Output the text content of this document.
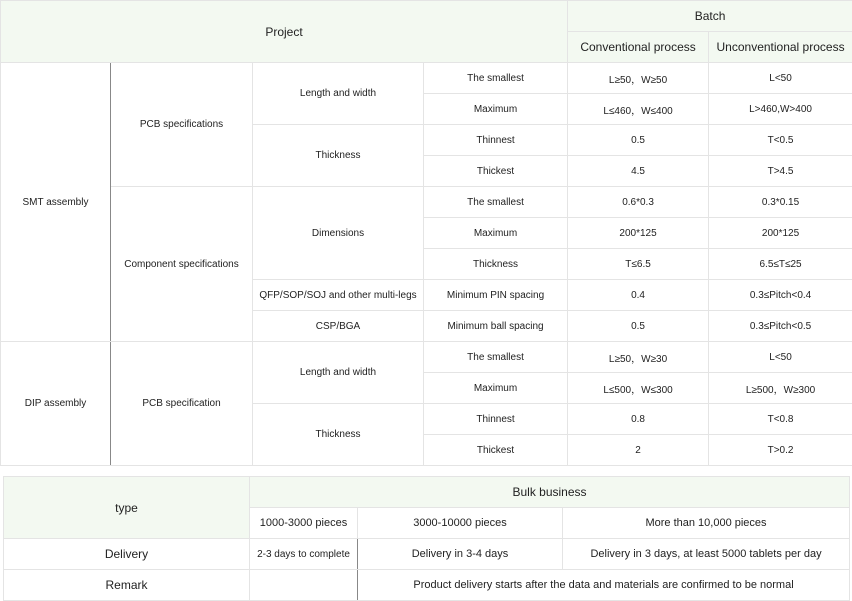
Project				Batch	
				Conventional process	Unconventional process
SMT assembly	PCB specifications	Length and width	The smallest	L≥50，W≥50	L<50
			Maximum	L≤460，W≤400	L>460,W>400
		Thickness	Thinnest	0.5	T<0.5
			Thickest	4.5	T>4.5
	Component specifications	Dimensions	The smallest	0.6*0.3	0.3*0.15
			Maximum	200*125	200*125
			Thickness	T≤6.5	6.5≤T≤25
		QFP/SOP/SOJ and other multi-legs	Minimum PIN spacing	0.4	0.3≤Pitch<0.4
		CSP/BGA	Minimum ball spacing	0.5	0.3≤Pitch<0.5
DIP assembly	PCB specification	Length and width	The smallest	L≥50，W≥30	L<50
			Maximum	L≤500，W≤300	L≥500，W≥300
		Thickness	Thinnest	0.8	T<0.8
			Thickest	2	T>0.2
type	Bulk business		
	1000-3000 pieces	3000-10000 pieces	More than 10,000 pieces
Delivery	2-3 days to complete	Delivery in 3-4 days	Delivery in 3 days, at least 5000 tablets per day
Remark		Product delivery starts after the data and materials are confirmed to be normal	
